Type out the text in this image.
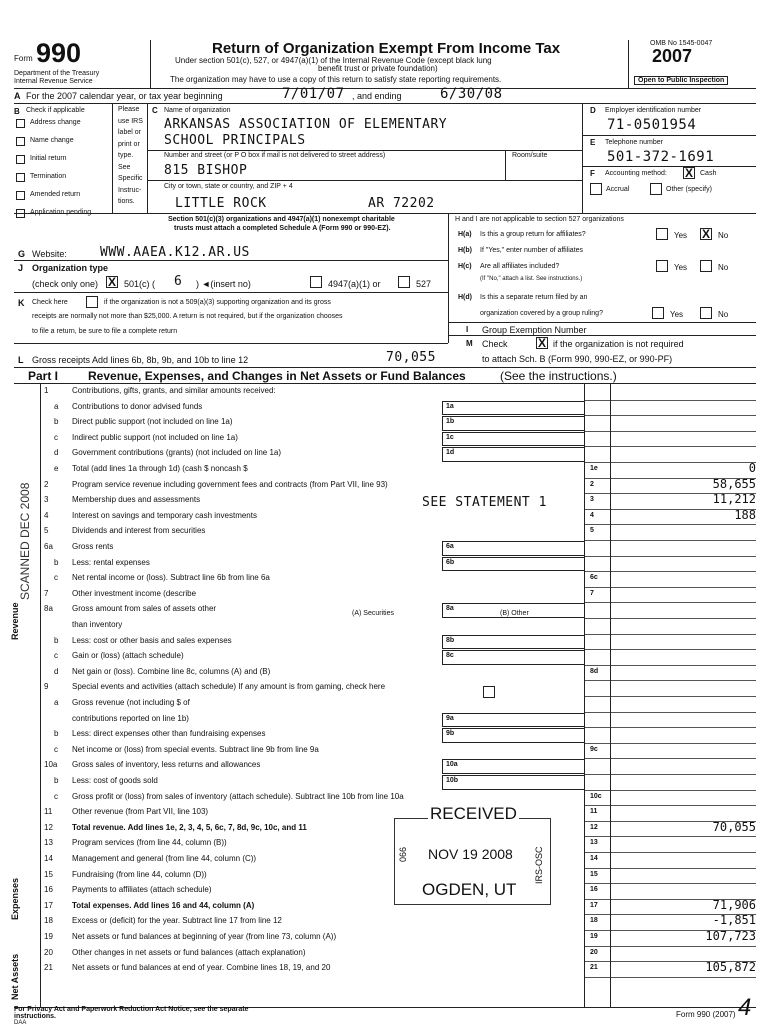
Form 990
Department of the Treasury
Internal Revenue Service
Return of Organization Exempt From Income Tax
Under section 501(c), 527, or 4947(a)(1) of the Internal Revenue Code (except black lung
benefit trust or private foundation)
The organization may have to use a copy of this return to satisfy state reporting requirements.
OMB No 1545-0047
2007
Open to Public Inspection
A For the 2007 calendar year, or tax year beginning	7/01/07 , and ending	6/30/08
B Check if applicable
Address change
Name change
Initial return
Termination
Amended return
Please
use IRS
label or
print or
type.
See
Specific
Instruc-
tions.
C Name of organization
ARKANSAS ASSOCIATION OF ELEMENTARY
SCHOOL PRINCIPALS
Number and street (or P O box if mail is not delivered to street address)	Room/suite
815 BISHOP
City or town, state or country, and ZIP + 4
LITTLE ROCK	AR 72202
D Employer identification number
71-0501954
E Telephone number
501-372-1691
F Accounting method: X Cash
Accrual	Other (specify)
Section 501(c)(3) organizations and 4947(a)(1) nonexempt charitable
trusts must attach a completed Schedule A (Form 990 or 990-EZ).
H and I are not applicable to section 527 organizations
H(a) Is this a group return for affiliates?	Yes X No
H(b) If "Yes," enter number of affiliates
H(c) Are all affiliates included?
(If "No," attach a list. See instructions.)
Yes	No
H(d) Is this a separate return filed by an
organization covered by a group ruling?	Yes	No
I Group Exemption Number
M Check	X if the organization is not required
to attach Sch. B (Form 990, 990-EZ, or 990-PF)
G Website:	WWW.AAEA.K12.AR.US
J Organization type
(check only one) X 501(c) ( 6 ) ◄(insert no)	4947(a)(1) or	527
K Check here	if the organization is not a 509(a)(3) supporting organization and its gross
receipts are normally not more than $25,000. A return is not required, but if the organization chooses
to file a return, be sure to file a complete return
L Gross receipts Add lines 6b, 8b, 9b, and 10b to line 12	70,055
Part I Revenue, Expenses, and Changes in Net Assets or Fund Balances	(See the instructions.)
1	Contributions, gifts, grants, and similar amounts received:
a Contributions to donor advised funds	1a
b Direct public support (not included on line 1a)	1b
c Indirect public support (not included on line 1a)	1c
d Government contributions (grants) (not included on line 1a)	1d
e Total (add lines 1a through 1d) (cash $ noncash $	1e	0
2	Program service revenue including government fees and contracts (from Part VII, line 93)	2	58,655
3	Membership dues and assessments	3	11,212
4	Interest on savings and temporary cash investments	4	188
5	Dividends and interest from securities	5
6a Gross rents	6a
b Less: rental expenses	6b
c Net rental income or (loss). Subtract line 6b from line 6a	6c
7	Other investment income (describe	7
8a Gross amount from sales of assets other	8a
than inventory
b Less: cost or other basis and sales expenses	8b
c Gain or (loss) (attach schedule)	8c
d Net gain or (loss). Combine line 8c, columns (A) and (B)	8d
9	Special events and activities (attach schedule) If any amount is from gaming, check here
a Gross revenue (not including $ of
contributions reported on line 1b)	9a
b Less: direct expenses other than fundraising expenses	9b
c Net income or (loss) from special events. Subtract line 9b from line 9a	9c
10a Gross sales of inventory, less returns and allowances	10a
b Less: cost of goods sold	10b
c Gross profit or (loss) from sales of inventory (attach schedule). Subtract line 10b from line 10a	10c
11 Other revenue (from Part VII, line 103)	11
12 Total revenue. Add lines 1e, 2, 3, 4, 5, 6c, 7, 8d, 9c, 10c, and 11	12	70,055
13 Program services (from line 44, column (B))	13
14 Management and general (from line 44, column (C))	14
15 Fundraising (from line 44, column (D))	15
16 Payments to affiliates (attach schedule)	16
17 Total expenses. Add lines 16 and 44, column (A)	17	71,906
18 Excess or (deficit) for the year. Subtract line 17 from line 12	18	-1,851
19 Net assets or fund balances at beginning of year (from line 73, column (A))	19	107,723
20 Other changes in net assets or fund balances (attach explanation)	20
21 Net assets or fund balances at end of year. Combine lines 18, 19, and 20	21	105,872
(A) Securities	(B) Other
SEE STATEMENT 1
Revenue
Expenses
Net Assets
SCANNED DEC 2008
RECEIVED
NOV 19 2008
OGDEN, UT
066	IRS-OSC
For Privacy Act and Paperwork Reduction Act Notice, see the separate
instructions.
DAA
Form 990 (2007) 4
